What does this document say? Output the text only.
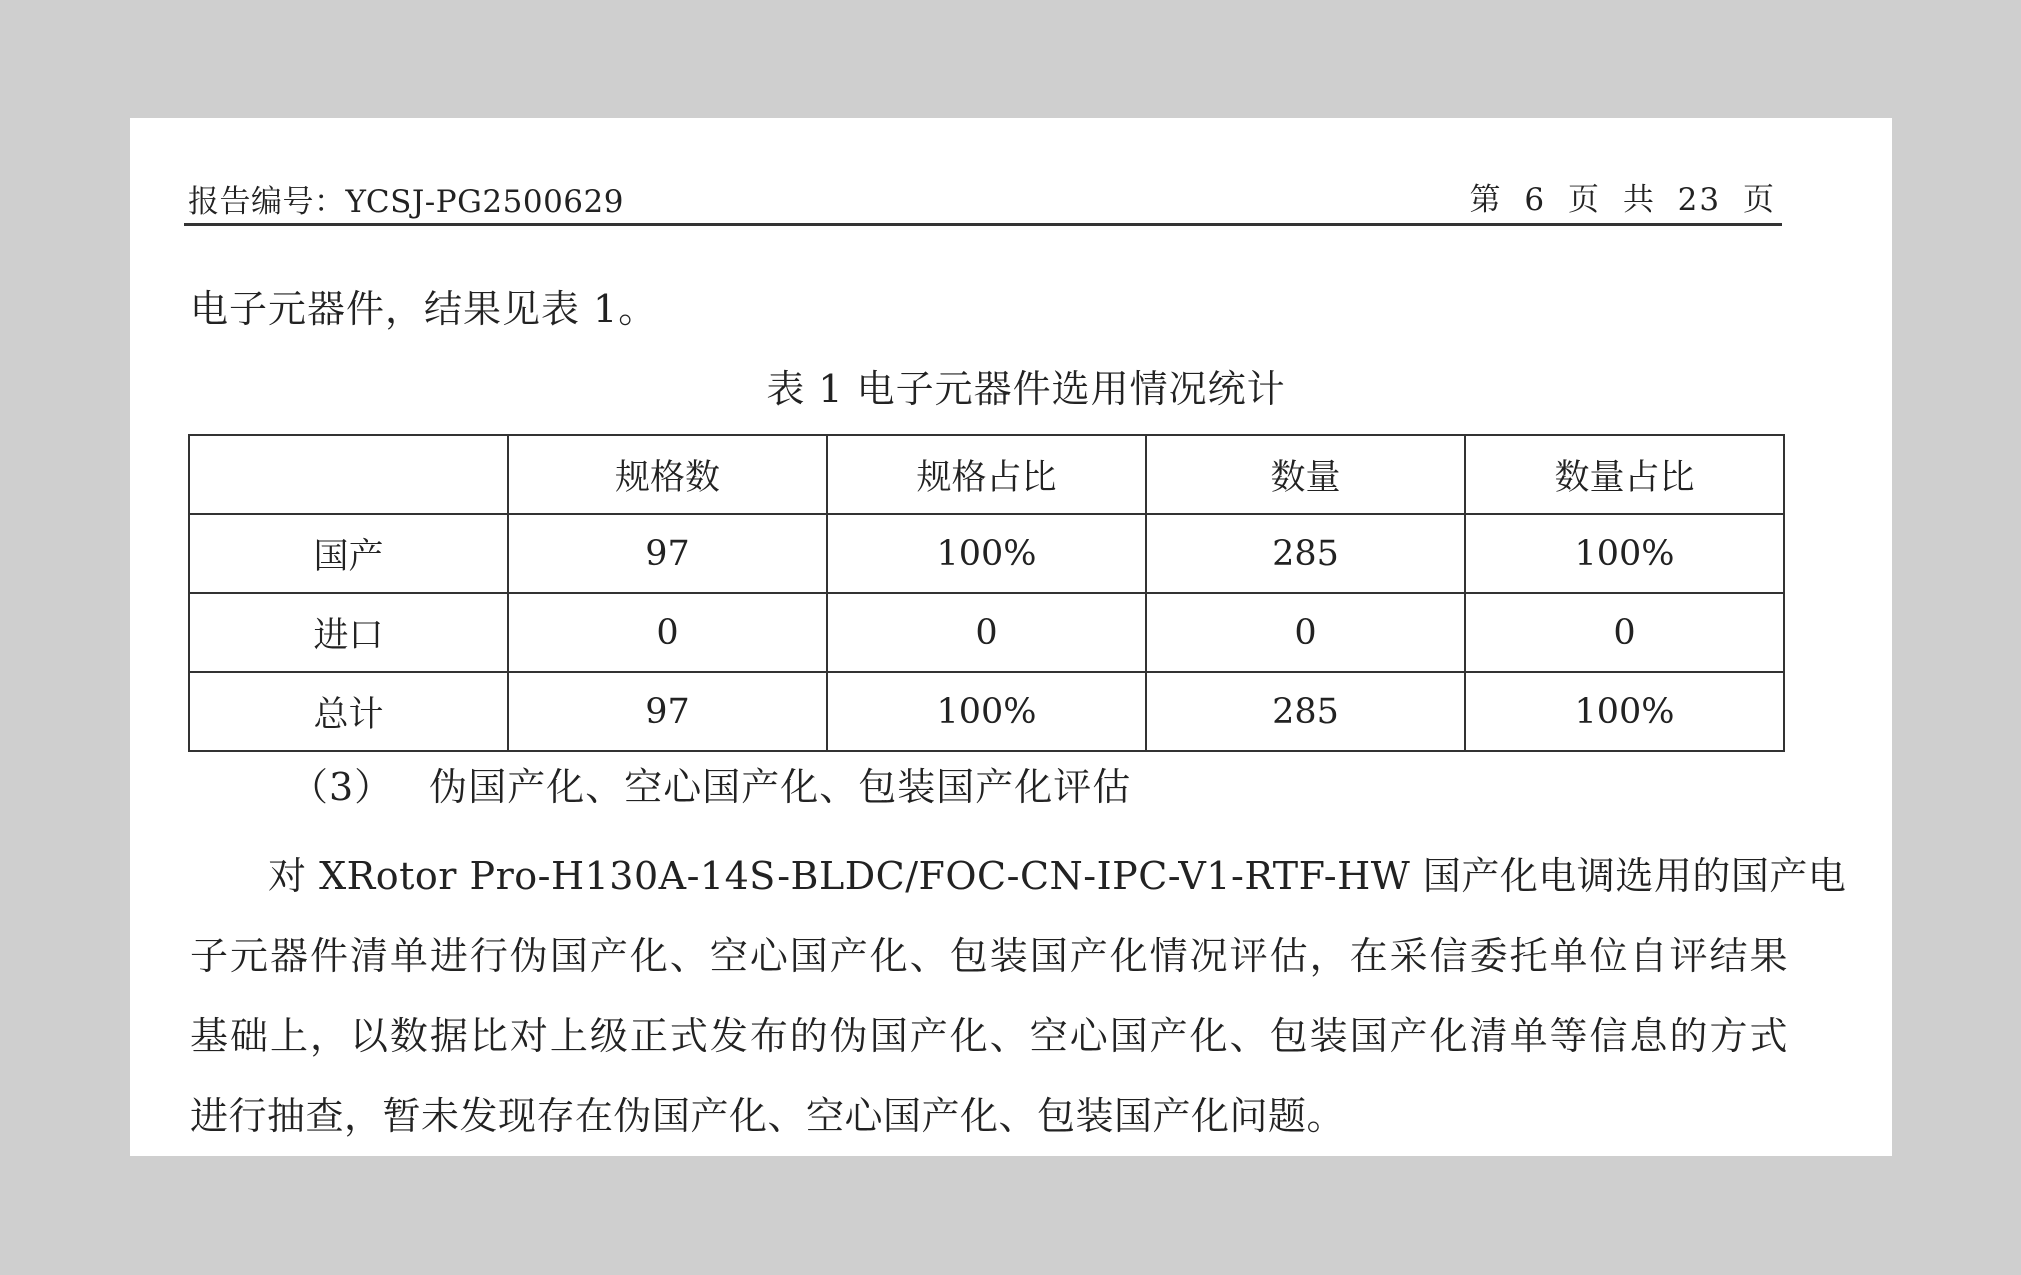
报告编号：YCSJ-PG2500629	第 6 页 共 23 页
电子元器件，结果见表 1。
表 1 电子元器件选用情况统计
	规格数	规格占比	数量	数量占比
国产	97	100%	285	100%
进口	0	0	0	0
总计	97	100%	285	100%
（3） 伪国产化、空心国产化、包装国产化评估
对 XRotor Pro-H130A-14S-BLDC/FOC-CN-IPC-V1-RTF-HW 国产化电调选用的国产电
子元器件清单进行伪国产化、空心国产化、包装国产化情况评估，在采信委托单位自评结果
基础上，以数据比对上级正式发布的伪国产化、空心国产化、包装国产化清单等信息的方式
进行抽查，暂未发现存在伪国产化、空心国产化、包装国产化问题。
